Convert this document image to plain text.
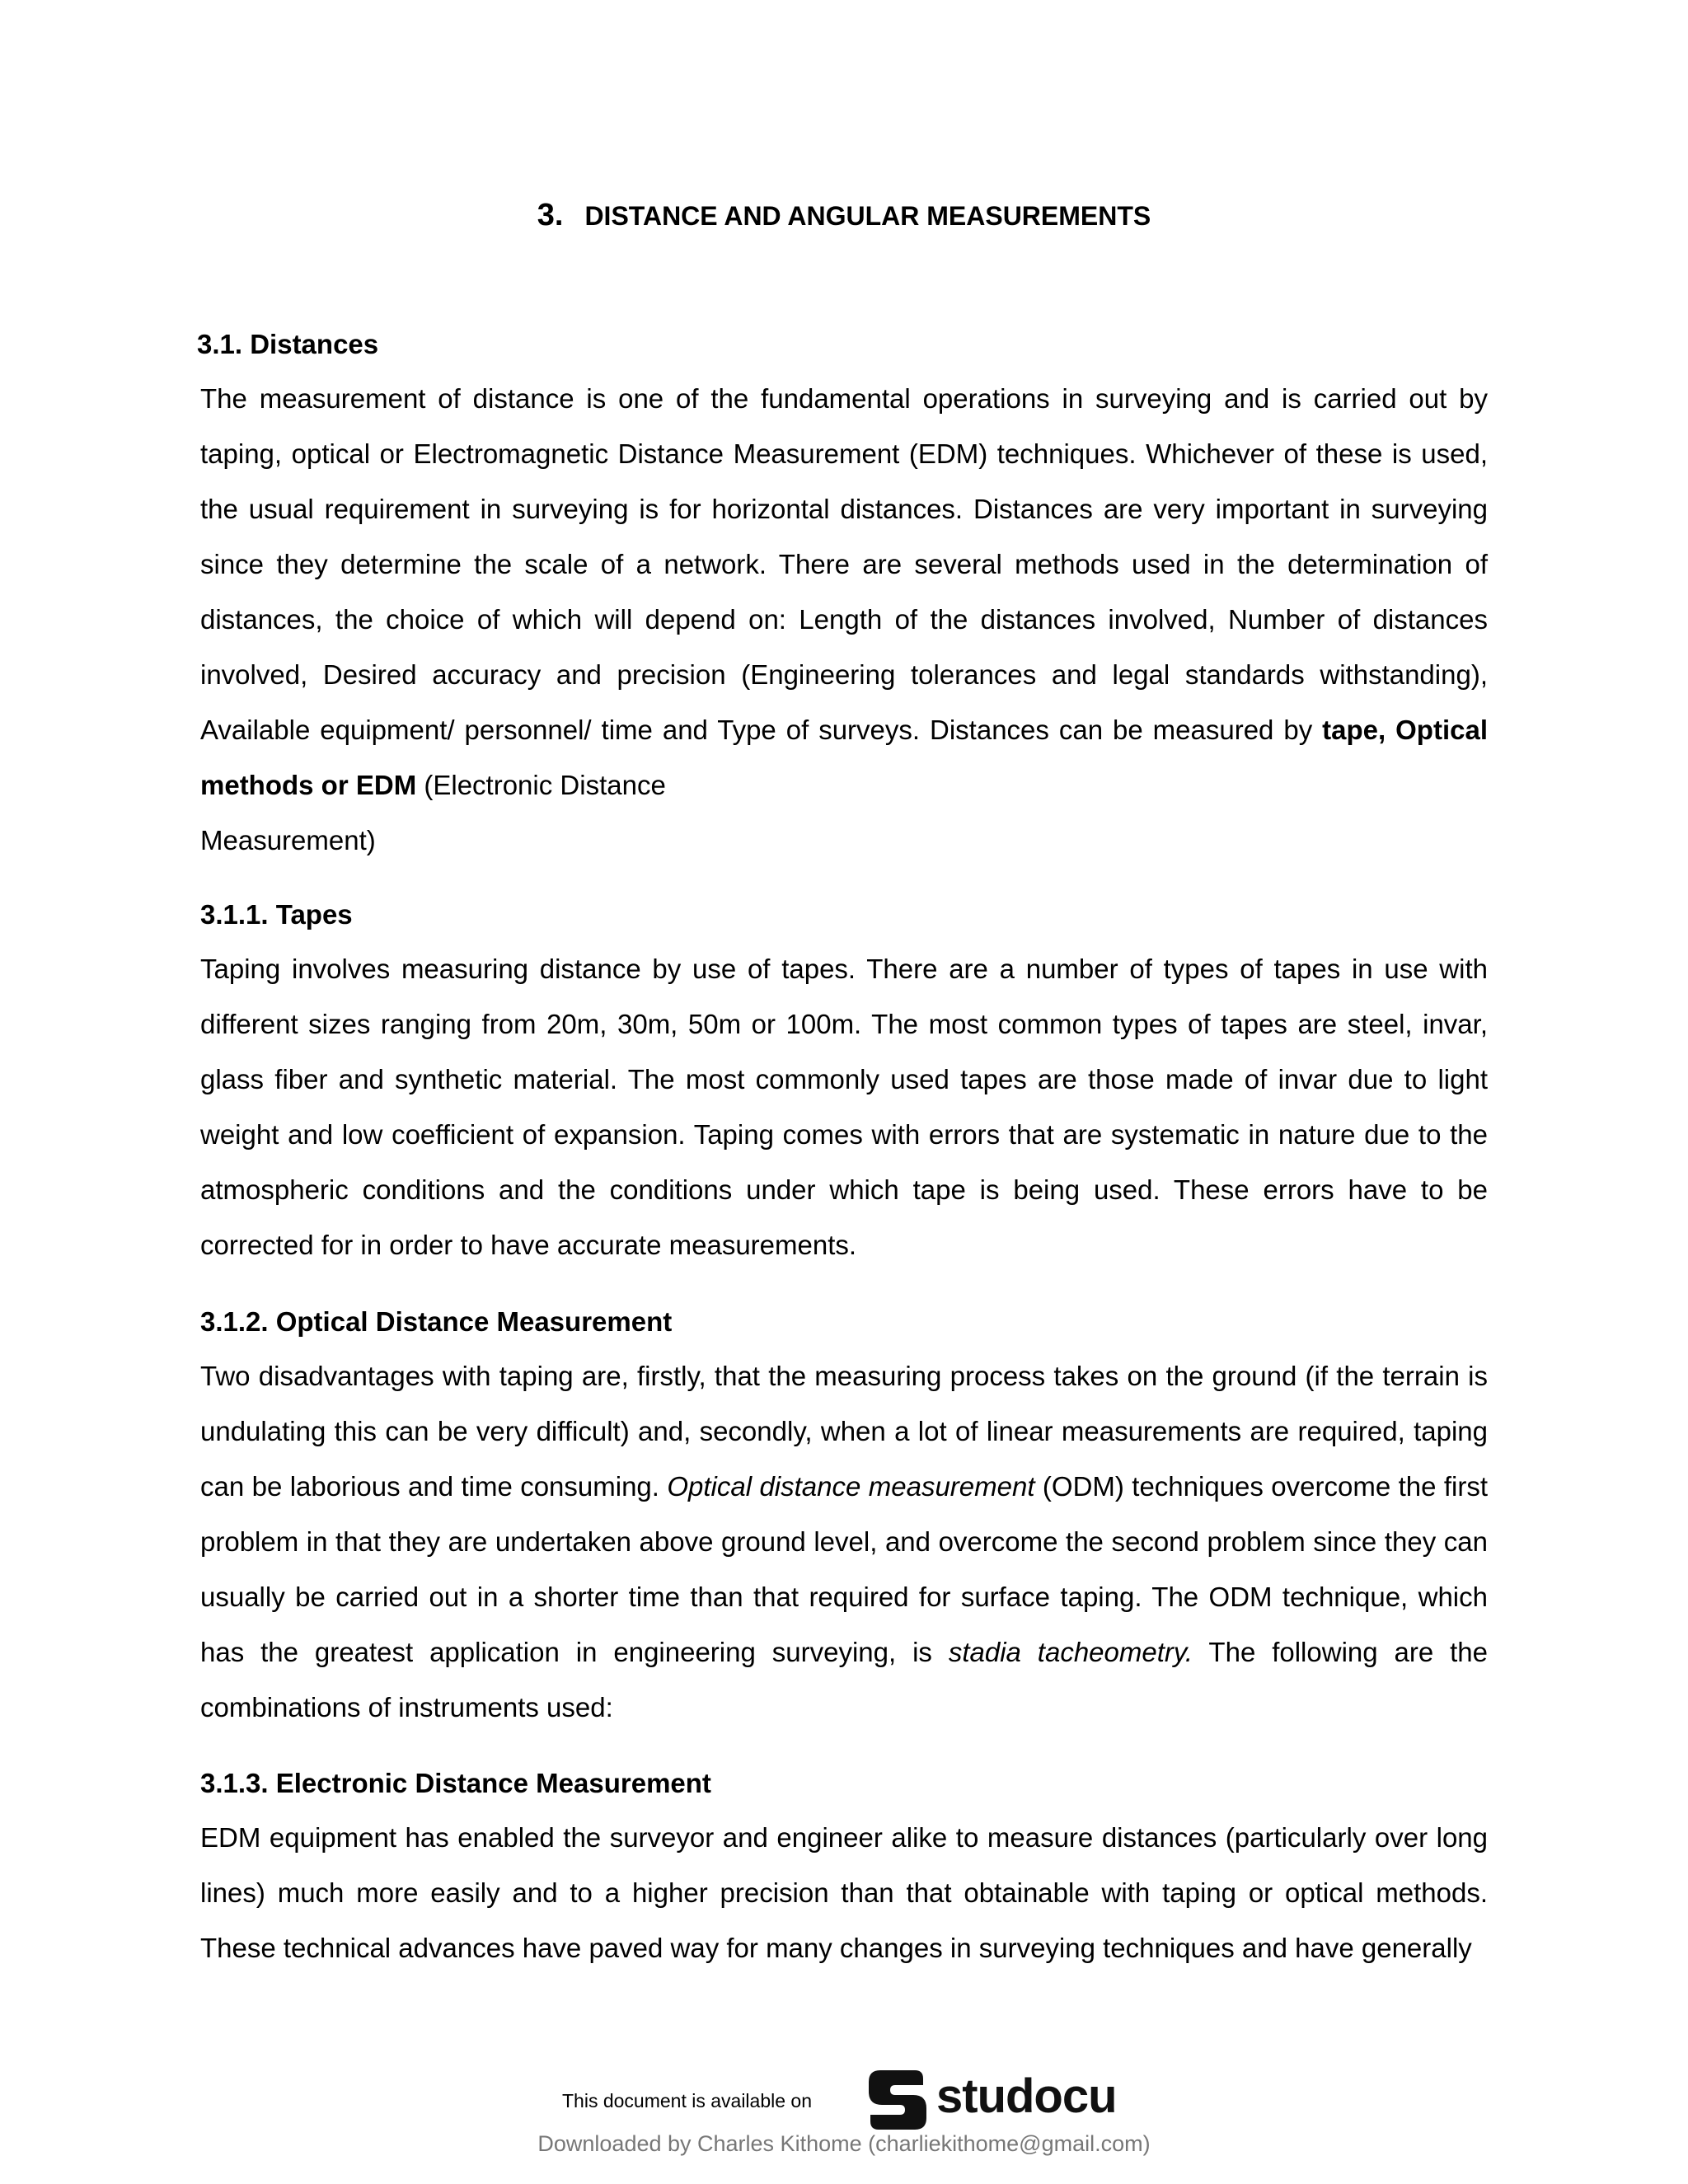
3. DISTANCE AND ANGULAR MEASUREMENTS
3.1. Distances

The measurement of distance is one of the fundamental operations in surveying and is carried out by taping, optical or Electromagnetic Distance Measurement (EDM) techniques. Whichever of these is used, the usual requirement in surveying is for horizontal distances. Distances are very important in surveying since they determine the scale of a network. There are several methods used in the determination of distances, the choice of which will depend on: Length of the distances involved, Number of distances involved, Desired accuracy and precision (Engineering tolerances and legal standards withstanding), Available equipment/ personnel/ time and Type of surveys. Distances can be measured by tape, Optical methods or EDM (Electronic Distance

Measurement)

3.1.1. Tapes

Taping involves measuring distance by use of tapes. There are a number of types of tapes in use with different sizes ranging from 20m, 30m, 50m or 100m. The most common types of tapes are steel, invar, glass fiber and synthetic material. The most commonly used tapes are those made of invar due to light weight and low coefficient of expansion. Taping comes with errors that are systematic in nature due to the atmospheric conditions and the conditions under which tape is being used. These errors have to be corrected for in order to have accurate measurements.

3.1.2. Optical Distance Measurement

Two disadvantages with taping are, firstly, that the measuring process takes on the ground (if the terrain is undulating this can be very difficult) and, secondly, when a lot of linear measurements are required, taping can be laborious and time consuming. Optical distance measurement (ODM) techniques overcome the first problem in that they are undertaken above ground level, and overcome the second problem since they can usually be carried out in a shorter time than that required for surface taping. The ODM technique, which has the greatest application in engineering surveying, is stadia tacheometry. The following are the combinations of instruments used:

3.1.3. Electronic Distance Measurement

EDM equipment has enabled the surveyor and engineer alike to measure distances (particularly over long lines) much more easily and to a higher precision than that obtainable with taping or optical methods. These technical advances have paved way for many changes in surveying techniques and have generally

This document is available on	studocu
Downloaded by Charles Kithome (charliekithome@gmail.com)
